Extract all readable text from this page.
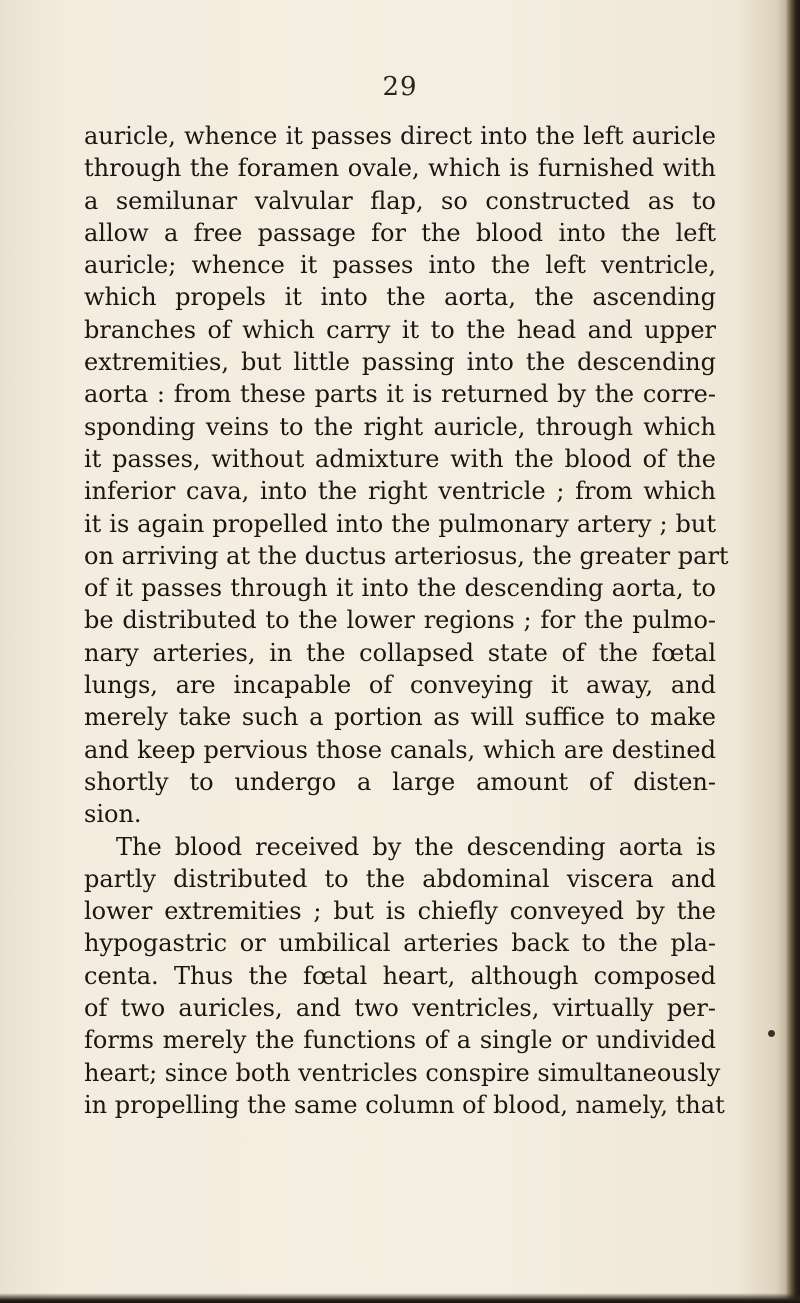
29
auricle, whence it passes direct into the left auricle
through the foramen ovale, which is furnished with
a semilunar valvular flap, so constructed as to
allow a free passage for the blood into the left
auricle; whence it passes into the left ventricle,
which propels it into the aorta, the ascending
branches of which carry it to the head and upper
extremities, but little passing into the descending
aorta : from these parts it is returned by the corre-
sponding veins to the right auricle, through which
it passes, without admixture with the blood of the
inferior cava, into the right ventricle ; from which
it is again propelled into the pulmonary artery ; but
on arriving at the ductus arteriosus, the greater part
of it passes through it into the descending aorta, to
be distributed to the lower regions ; for the pulmo-
nary arteries, in the collapsed state of the fœtal
lungs, are incapable of conveying it away, and
merely take such a portion as will suffice to make
and keep pervious those canals, which are destined
shortly to undergo a large amount of disten-
sion.
The blood received by the descending aorta is
partly distributed to the abdominal viscera and
lower extremities ; but is chiefly conveyed by the
hypogastric or umbilical arteries back to the pla-
centa. Thus the fœtal heart, although composed
of two auricles, and two ventricles, virtually per-
forms merely the functions of a single or undivided
heart; since both ventricles conspire simultaneously
in propelling the same column of blood, namely, that
